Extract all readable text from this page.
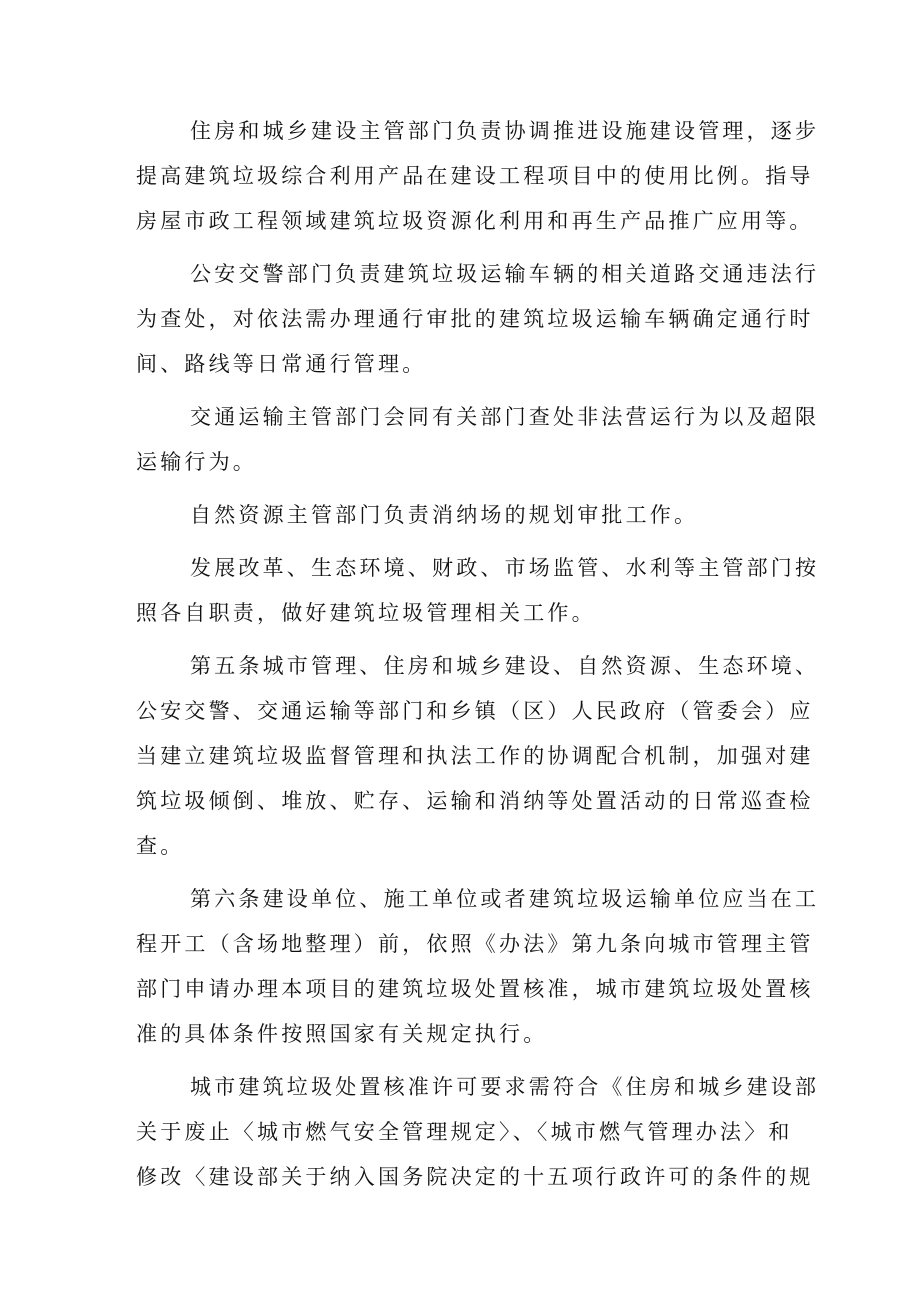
住房和城乡建设主管部门负责协调推进设施建设管理，逐步
提高建筑垃圾综合利用产品在建设工程项目中的使用比例。指导
房屋市政工程领域建筑垃圾资源化利用和再生产品推广应用等。
公安交警部门负责建筑垃圾运输车辆的相关道路交通违法行
为查处，对依法需办理通行审批的建筑垃圾运输车辆确定通行时
间、路线等日常通行管理。
交通运输主管部门会同有关部门查处非法营运行为以及超限
运输行为。
自然资源主管部门负责消纳场的规划审批工作。
发展改革、生态环境、财政、市场监管、水利等主管部门按
照各自职责，做好建筑垃圾管理相关工作。
第五条城市管理、住房和城乡建设、自然资源、生态环境、
公安交警、交通运输等部门和乡镇（区）人民政府（管委会）应
当建立建筑垃圾监督管理和执法工作的协调配合机制，加强对建
筑垃圾倾倒、堆放、贮存、运输和消纳等处置活动的日常巡查检
查。
第六条建设单位、施工单位或者建筑垃圾运输单位应当在工
程开工（含场地整理）前，依照《办法》第九条向城市管理主管
部门申请办理本项目的建筑垃圾处置核准，城市建筑垃圾处置核
准的具体条件按照国家有关规定执行。
城市建筑垃圾处置核准许可要求需符合《住房和城乡建设部
关于废止〈城市燃气安全管理规定〉、〈城市燃气管理办法〉和
修改〈建设部关于纳入国务院决定的十五项行政许可的条件的规
